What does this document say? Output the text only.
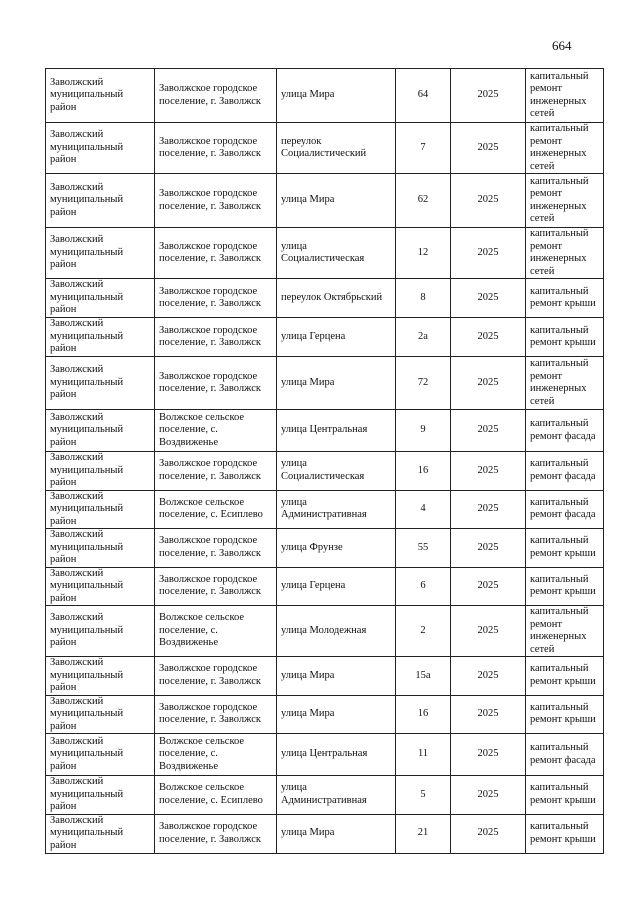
664
Заволжский муниципальный район	Заволжское городское поселение, г. Заволжск	улица Мира	64	2025	капитальный ремонт инженерных сетей
Заволжский муниципальный район	Заволжское городское поселение, г. Заволжск	переулок Социалистический	7	2025	капитальный ремонт инженерных сетей
Заволжский муниципальный район	Заволжское городское поселение, г. Заволжск	улица Мира	62	2025	капитальный ремонт инженерных сетей
Заволжский муниципальный район	Заволжское городское поселение, г. Заволжск	улица Социалистическая	12	2025	капитальный ремонт инженерных сетей
Заволжский муниципальный район	Заволжское городское поселение, г. Заволжск	переулок Октябрьский	8	2025	капитальный ремонт крыши
Заволжский муниципальный район	Заволжское городское поселение, г. Заволжск	улица Герцена	2а	2025	капитальный ремонт крыши
Заволжский муниципальный район	Заволжское городское поселение, г. Заволжск	улица Мира	72	2025	капитальный ремонт инженерных сетей
Заволжский муниципальный район	Волжское сельское поселение, с. Воздвиженье	улица Центральная	9	2025	капитальный ремонт фасада
Заволжский муниципальный район	Заволжское городское поселение, г. Заволжск	улица Социалистическая	16	2025	капитальный ремонт фасада
Заволжский муниципальный район	Волжское сельское поселение, с. Есиплево	улица Административная	4	2025	капитальный ремонт фасада
Заволжский муниципальный район	Заволжское городское поселение, г. Заволжск	улица Фрунзе	55	2025	капитальный ремонт крыши
Заволжский муниципальный район	Заволжское городское поселение, г. Заволжск	улица Герцена	6	2025	капитальный ремонт крыши
Заволжский муниципальный район	Волжское сельское поселение, с. Воздвиженье	улица Молодежная	2	2025	капитальный ремонт инженерных сетей
Заволжский муниципальный район	Заволжское городское поселение, г. Заволжск	улица Мира	15а	2025	капитальный ремонт крыши
Заволжский муниципальный район	Заволжское городское поселение, г. Заволжск	улица Мира	16	2025	капитальный ремонт крыши
Заволжский муниципальный район	Волжское сельское поселение, с. Воздвиженье	улица Центральная	11	2025	капитальный ремонт фасада
Заволжский муниципальный район	Волжское сельское поселение, с. Есиплево	улица Административная	5	2025	капитальный ремонт крыши
Заволжский муниципальный район	Заволжское городское поселение, г. Заволжск	улица Мира	21	2025	капитальный ремонт крыши
